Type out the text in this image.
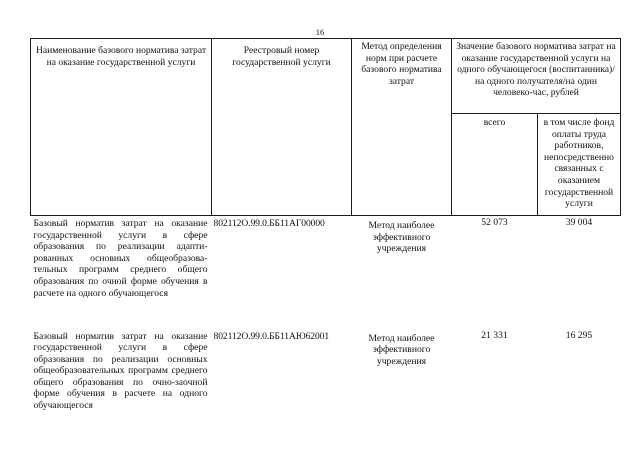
16
Наименование базового норматива затрат на оказание государственной услуги	Реестровый номер государственной услуги	Метод определения норм при расчете базового норматива затрат	Значение базового норматива затрат на оказание государственной услуги на одного обучающегося (воспитанника)/на одного получателя/на один человеко-час, рублей	

			всего	в том числе фонд оплаты труда работников, непосредственно связанных с оказанием государственной услуги

Базовый норматив затрат на оказание государственной услуги в сфере образования по реализации адапти-рованных основных общеобразова-тельных программ среднего общего образования по очной форме обучения в расчете на одного обучающегося	802112О.99.0.ББ11АГ00000	Метод наиболее эффективного учреждения	52 073	39 004
Базовый норматив затрат на оказание государственной услуги в сфере образования по реализации основных общеобразовательных программ среднего общего образования по очно-заочной форме обучения в расчете на одного обучающегося	802112О.99.0.ББ11АЮ62001	Метод наиболее эффективного учреждения	21 331	16 295
